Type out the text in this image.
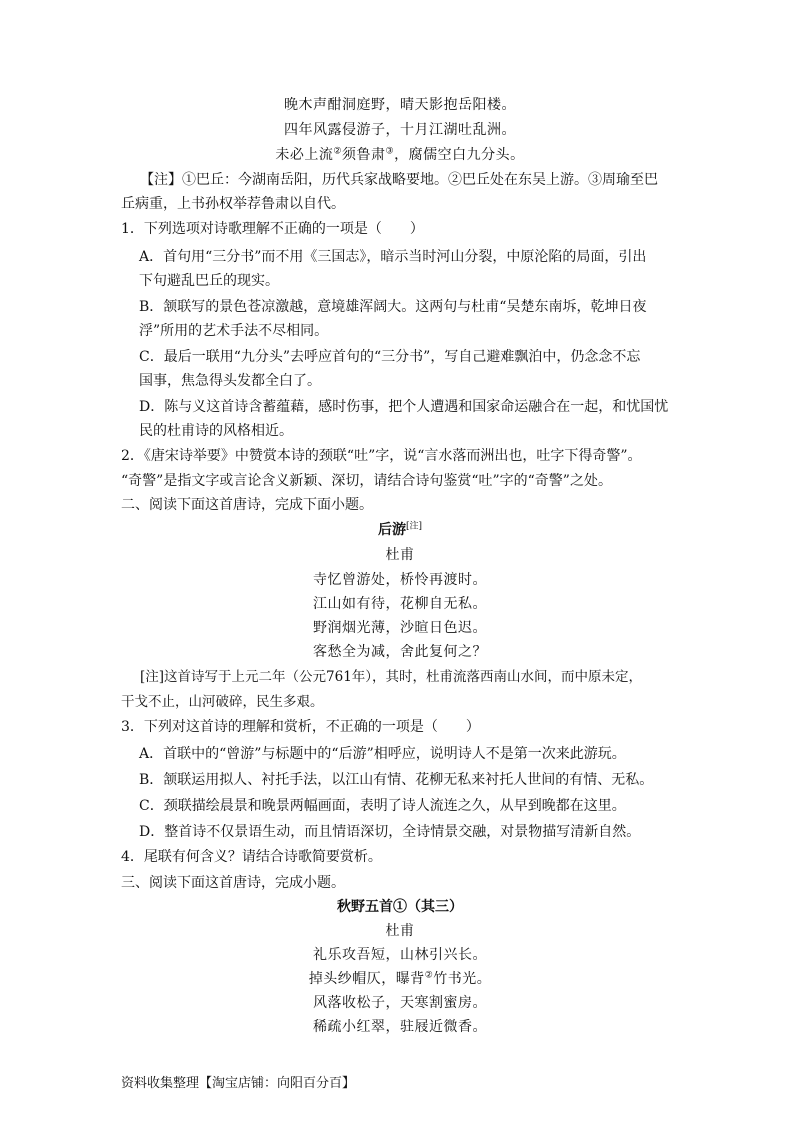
晚木声酣洞庭野，晴天影抱岳阳楼。
四年风露侵游子，十月江湖吐乱洲。
未必上流②须鲁肃③，腐儒空白九分头。
【注】①巴丘：今湖南岳阳，历代兵家战略要地。②巴丘处在东吴上游。③周瑜至巴
丘病重，上书孙权举荐鲁肃以自代。
1．下列选项对诗歌理解不正确的一项是（　　）
A．首句用“三分书”而不用《三国志》，暗示当时河山分裂，中原沦陷的局面，引出
下句避乱巴丘的现实。
B．颔联写的景色苍凉激越，意境雄浑阔大。这两句与杜甫“吴楚东南坼，乾坤日夜
浮”所用的艺术手法不尽相同。
C．最后一联用“九分头”去呼应首句的“三分书”，写自己避难飘泊中，仍念念不忘
国事，焦急得头发都全白了。
D．陈与义这首诗含蓄蕴藉，感时伤事，把个人遭遇和国家命运融合在一起，和忧国忧
民的杜甫诗的风格相近。
2．《唐宋诗举要》中赞赏本诗的颈联“吐”字，说“言水落而洲出也，吐字下得奇警”。
“奇警”是指文字或言论含义新颖、深切，请结合诗句鉴赏“吐”字的“奇警”之处。
二、阅读下面这首唐诗，完成下面小题。
后游[注]
杜甫
寺忆曾游处，桥怜再渡时。
江山如有待，花柳自无私。
野润烟光薄，沙暄日色迟。
客愁全为减，舍此复何之？
[注]这首诗写于上元二年（公元761年），其时，杜甫流落西南山水间，而中原未定，
干戈不止，山河破碎，民生多艰。
3．下列对这首诗的理解和赏析，不正确的一项是（　　）
A．首联中的“曾游”与标题中的“后游”相呼应，说明诗人不是第一次来此游玩。
B．颔联运用拟人、衬托手法，以江山有情、花柳无私来衬托人世间的有情、无私。
C．颈联描绘晨景和晚景两幅画面，表明了诗人流连之久，从早到晚都在这里。
D．整首诗不仅景语生动，而且情语深切，全诗情景交融，对景物描写清新自然。
4．尾联有何含义？请结合诗歌简要赏析。
三、阅读下面这首唐诗，完成小题。
秋野五首①（其三）
杜甫
礼乐攻吾短，山林引兴长。
掉头纱帽仄，曝背②竹书光。
风落收松子，天寒割蜜房。
稀疏小红翠，驻屐近微香。
资料收集整理【淘宝店铺：向阳百分百】
